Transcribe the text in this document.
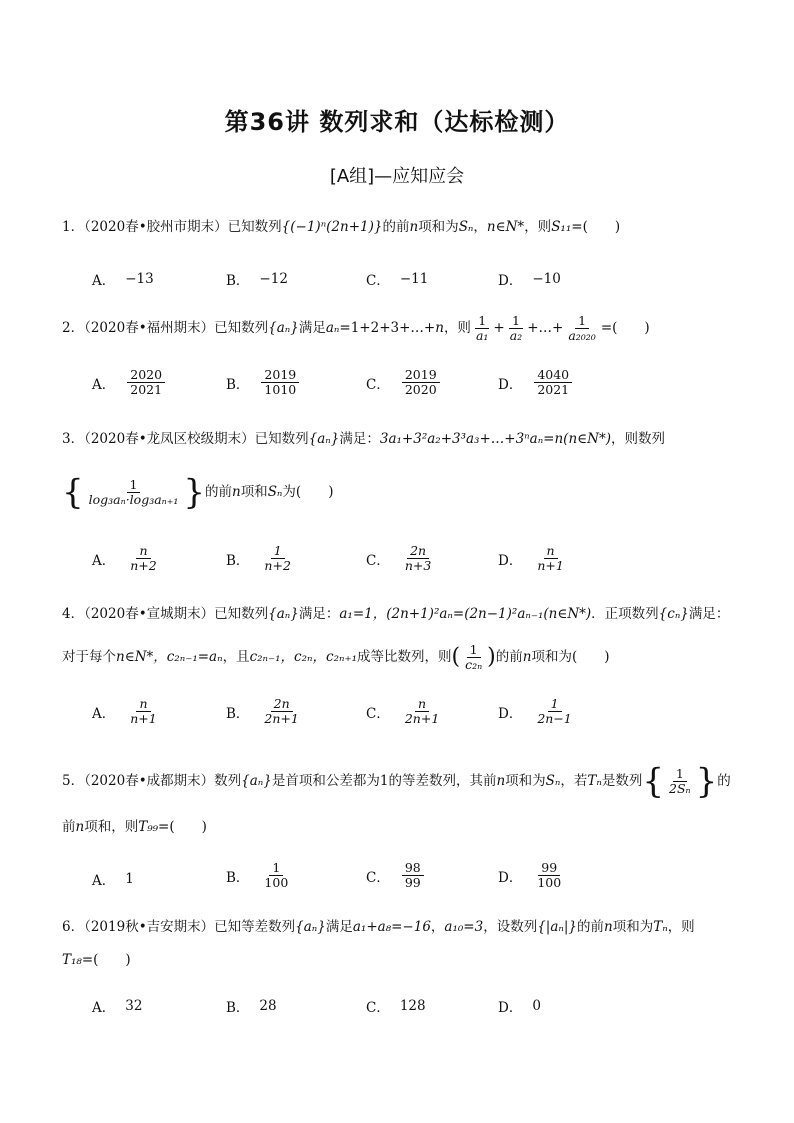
第36讲 数列求和（达标检测）
[A组]—应知应会
1．（2020春•胶州市期末）已知数列{(−1)ⁿ(2n+1)}的前n项和为Sₙ，n∈N*，则S₁₁=(　　)
A． −13	B． −12	C． −11	D． −10
2．（2020春•福州期末）已知数列{aₙ}满足aₙ=1+2+3+…+n，则 $\frac{1}{\text{a₁}} + \frac{1}{\text{a₂}}$ +…+ $\frac{1}{\text{a₂₀₂₀}}$ =(　　)
A． $\frac{2020}{2021}$	B． $\frac{2019}{1010}$	C． $\frac{2019}{2020}$	D． $\frac{4040}{2021}$
3．（2020春•龙凤区校级期末）已知数列{aₙ}满足：3a₁+3²a₂+3³a₃+…+3ⁿaₙ=n(n∈N*)，则数列
{ $\frac{1}{\text{log₃aₙ·log₃aₙ₊₁}}$ }的前n项和Sₙ为(　　)
A． $\frac{n}{n+2}$	B． $\frac{1}{n+2}$	C． $\frac{2n}{n+3}$	D． $\frac{n}{n+1}$
4．（2020春•宣城期末）已知数列{aₙ}满足：a₁=1，(2n+1)²aₙ=(2n−1)²aₙ₋₁(n∈N*)．正项数列{cₙ}满足：
对于每个n∈N*，c₂ₙ₋₁=aₙ，且c₂ₙ₋₁，c₂ₙ，c₂ₙ₊₁成等比数列，则( $\frac{1}{\text{c₂ₙ}}$ )的前n项和为(　　)
A． $\frac{n}{n+1}$	B． $\frac{2n}{2n+1}$	C． $\frac{n}{2n+1}$	D． $\frac{1}{2n-1}$
5．（2020春•成都期末）数列{aₙ}是首项和公差都为1的等差数列，其前n项和为Sₙ，若Tₙ是数列{ $\frac{1}{\text{2Sₙ}}$ }的
前n项和，则T₉₉=(　　)
A． 1	B． $\frac{1}{100}$	C． $\frac{98}{99}$	D． $\frac{99}{100}$
6．（2019秋•吉安期末）已知等差数列{aₙ}满足a₁+a₈=−16，a₁₀=3，设数列{|aₙ|}的前n项和为Tₙ，则
T₁₈=(　　)
A． 32	B． 28	C． 128	D． 0
